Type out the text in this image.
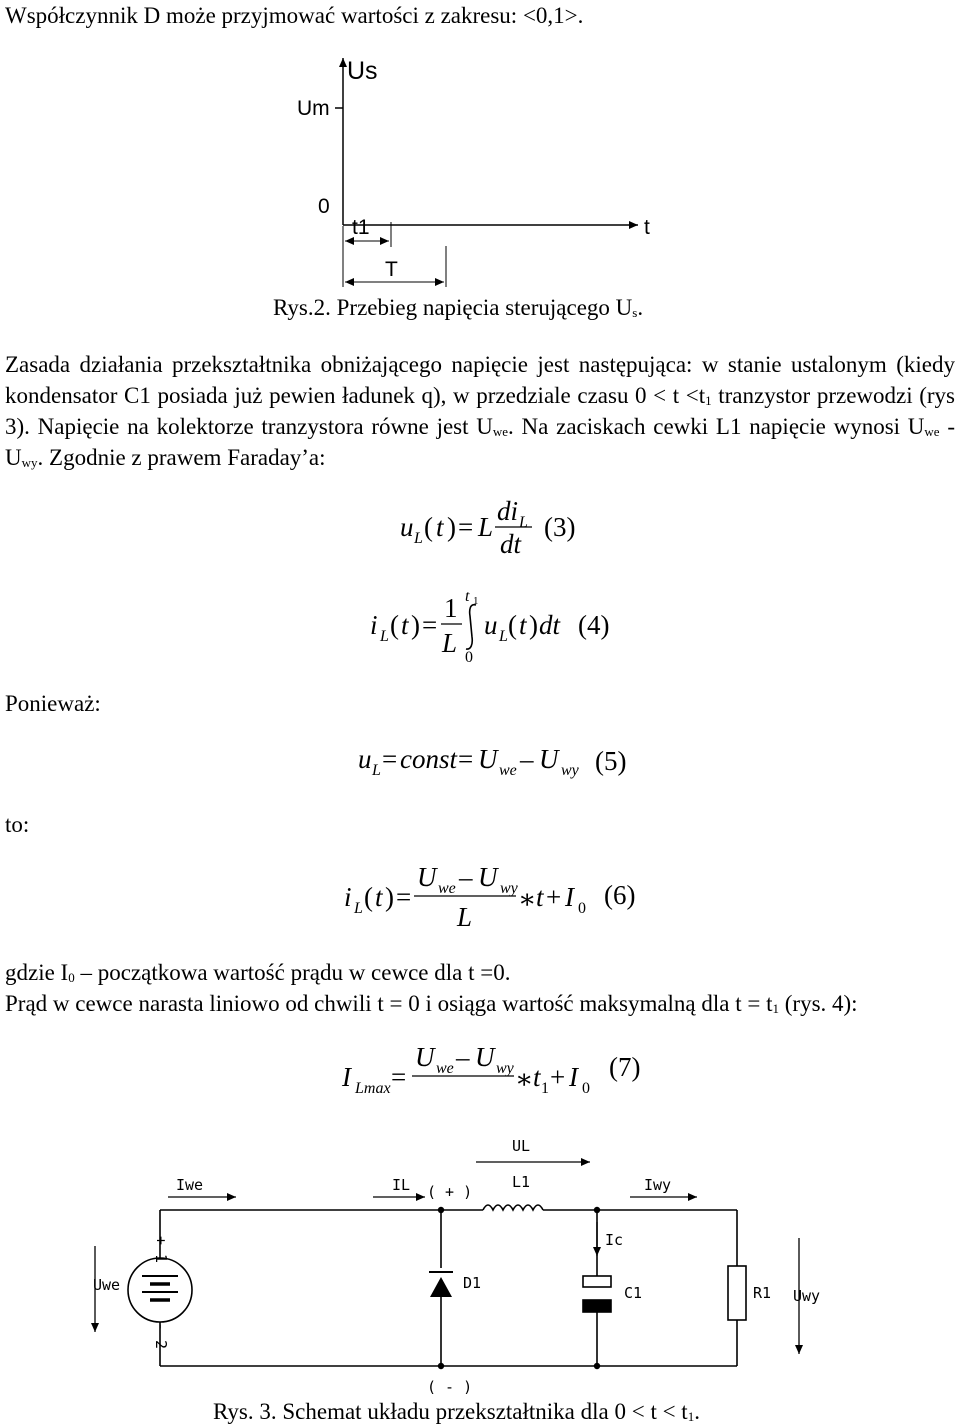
Współczynnik D może przyjmować wartości z zakresu: <0,1>.
Us
Um
0
t1	t
T
Rys.2. Przebieg napięcia sterującego $U_s$.
Zasada działania przekształtnika obniżającego napięcie jest następująca: w stanie ustalonym (kiedy kondensator C1 posiada już pewien ładunek q), w przedziale czasu $0 < t <t_1$ tranzystor przewodzi (rys 3). Napięcie na kolektorze tranzystora równe jest $U_{we}$. Na zaciskach cewki L1 napięcie wynosi $U_{we} - U_{wy}$. Zgodnie z prawem Faraday’a:
u L ( t ) = L
di L
dt
(3)
i L ( t ) =
1
L
t 1
0
u L ( t ) dt (4)
u L = const = U we – U wy (5)
i L ( t ) =
U we – U wy
L
∗ t + I 0 (6)
I Lmax =
U we – U wy ∗ t 1 + I 0
(7)
Ponieważ:
to:
gdzie $I_0$ – początkowa wartość prądu w cewce dla t =0.
Prąd w cewce narasta liniowo od chwili t = 0 i osiąga wartość maksymalną dla $t = t_1$ (rys. 4):
UL
Iwe	IL ( + )
L1	Iwy
+ 1
Uwe
- 2
Ic
D1
C1	R1 Uwy
( - )
Rys. 3. Schemat układu przekształtnika dla $0 < t < t_1$.
